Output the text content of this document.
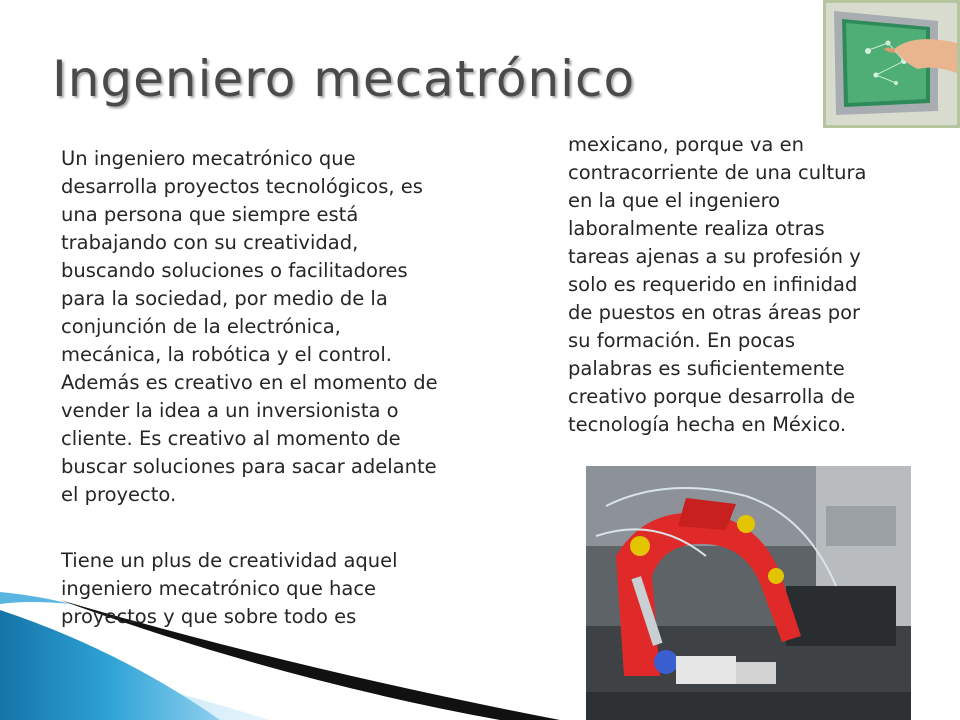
Ingeniero mecatrónico

Un ingeniero mecatrónico que
desarrolla proyectos tecnológicos, es
una persona que siempre está
trabajando con su creatividad,
buscando soluciones o facilitadores
para la sociedad, por medio de la
conjunción de la electrónica,
mecánica, la robótica y el control.
Además es creativo en el momento de
vender la idea a un inversionista o
cliente. Es creativo al momento de
buscar soluciones para sacar adelante
el proyecto.

Tiene un plus de creatividad aquel
ingeniero mecatrónico que hace
proyectos y que sobre todo es

mexicano, porque va en
contracorriente de una cultura
en la que el ingeniero
laboralmente realiza otras
tareas ajenas a su profesión y
solo es requerido en infinidad
de puestos en otras áreas por
su formación. En pocas
palabras es suficientemente
creativo porque desarrolla de
tecnología hecha en México.
